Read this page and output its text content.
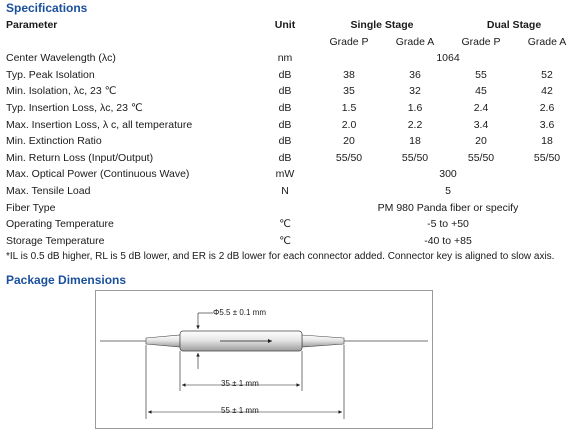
Specifications
Parameter	Unit	Single Stage		Dual Stage	
		Grade P	Grade A	Grade P	Grade A
Center Wavelength (λc)	nm	1064			
Typ. Peak Isolation	dB	38	36	55	52
Min. Isolation, λc, 23 ℃	dB	35	32	45	42
Typ. Insertion Loss, λc, 23 ℃	dB	1.5	1.6	2.4	2.6
Max. Insertion Loss, λ c, all temperature	dB	2.0	2.2	3.4	3.6
Min. Extinction Ratio	dB	20	18	20	18
Min. Return Loss (Input/Output)	dB	55/50	55/50	55/50	55/50
Max. Optical Power (Continuous Wave)	mW	300			
Max. Tensile Load	N	5			
Fiber Type		PM 980 Panda fiber or specify			
Operating Temperature	℃	-5 to +50			
Storage Temperature	℃	-40 to +85			

*IL is 0.5 dB higher, RL is 5 dB lower, and ER is 2 dB lower for each connector added. Connector key is aligned to slow axis.

Package Dimensions
Φ5.5 ± 0.1 mm
35 ± 1 mm
55 ± 1 mm
